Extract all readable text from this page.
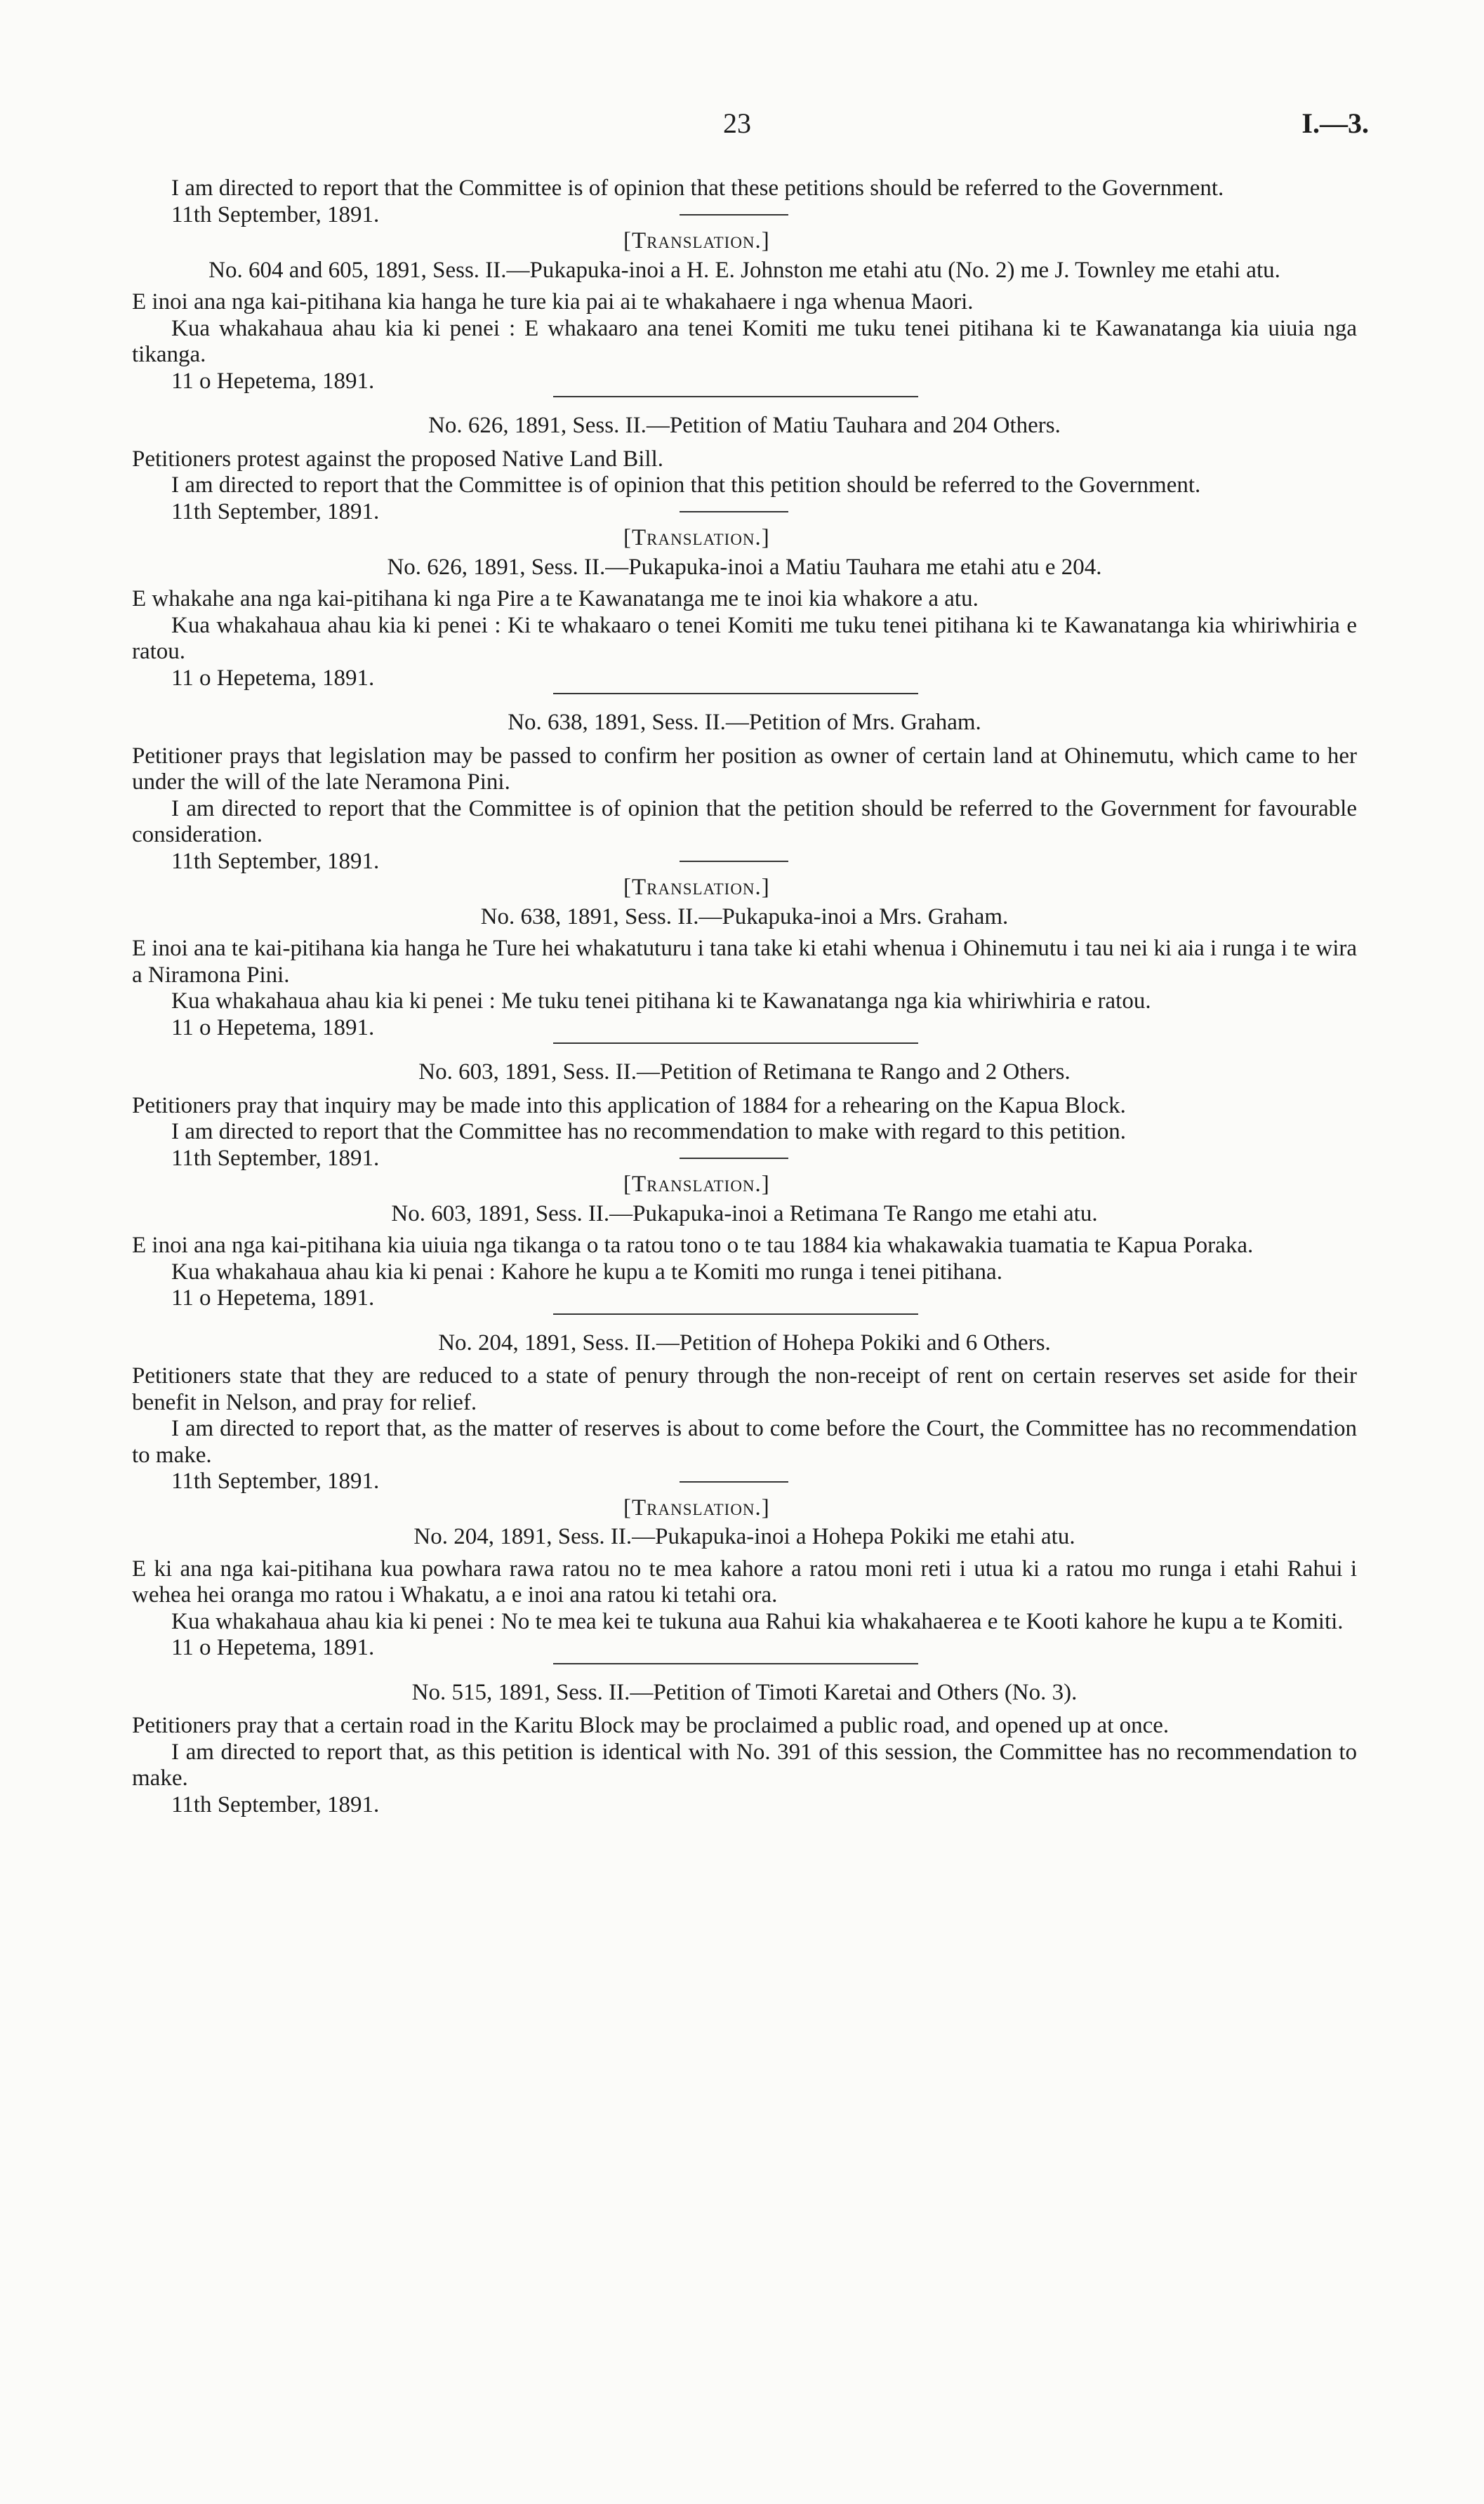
23	I.—3.

I am directed to report that the Committee is of opinion that these petitions should be referred to the Government.

11th September, 1891.

[Translation.]

No. 604 and 605, 1891, Sess. II.—Pukapuka-inoi a H. E. Johnston me etahi atu (No. 2) me J. Townley me etahi atu.

E inoi ana nga kai-pitihana kia hanga he ture kia pai ai te whakahaere i nga whenua Maori.

Kua whakahaua ahau kia ki penei : E whakaaro ana tenei Komiti me tuku tenei pitihana ki te Kawanatanga kia uiuia nga tikanga.

11 o Hepetema, 1891.

No. 626, 1891, Sess. II.—Petition of Matiu Tauhara and 204 Others.

Petitioners protest against the proposed Native Land Bill.

I am directed to report that the Committee is of opinion that this petition should be referred to the Government.

11th September, 1891.

[Translation.]

No. 626, 1891, Sess. II.—Pukapuka-inoi a Matiu Tauhara me etahi atu e 204.

E whakahe ana nga kai-pitihana ki nga Pire a te Kawanatanga me te inoi kia whakore a atu.

Kua whakahaua ahau kia ki penei : Ki te whakaaro o tenei Komiti me tuku tenei pitihana ki te Kawanatanga kia whiriwhiria e ratou.

11 o Hepetema, 1891.

No. 638, 1891, Sess. II.—Petition of Mrs. Graham.

Petitioner prays that legislation may be passed to confirm her position as owner of certain land at Ohinemutu, which came to her under the will of the late Neramona Pini.

I am directed to report that the Committee is of opinion that the petition should be referred to the Government for favourable consideration.

11th September, 1891.

[Translation.]

No. 638, 1891, Sess. II.—Pukapuka-inoi a Mrs. Graham.

E inoi ana te kai-pitihana kia hanga he Ture hei whakatuturu i tana take ki etahi whenua i Ohinemutu i tau nei ki aia i runga i te wira a Niramona Pini.

Kua whakahaua ahau kia ki penei : Me tuku tenei pitihana ki te Kawanatanga nga kia whiriwhiria e ratou.

11 o Hepetema, 1891.

No. 603, 1891, Sess. II.—Petition of Retimana te Rango and 2 Others.

Petitioners pray that inquiry may be made into this application of 1884 for a rehearing on the Kapua Block.

I am directed to report that the Committee has no recommendation to make with regard to this petition.

11th September, 1891.

[Translation.]

No. 603, 1891, Sess. II.—Pukapuka-inoi a Retimana Te Rango me etahi atu.

E inoi ana nga kai-pitihana kia uiuia nga tikanga o ta ratou tono o te tau 1884 kia whakawakia tuamatia te Kapua Poraka.

Kua whakahaua ahau kia ki penai : Kahore he kupu a te Komiti mo runga i tenei pitihana.

11 o Hepetema, 1891.

No. 204, 1891, Sess. II.—Petition of Hohepa Pokiki and 6 Others.

Petitioners state that they are reduced to a state of penury through the non-receipt of rent on certain reserves set aside for their benefit in Nelson, and pray for relief.

I am directed to report that, as the matter of reserves is about to come before the Court, the Committee has no recommendation to make.

11th September, 1891.

[Translation.]

No. 204, 1891, Sess. II.—Pukapuka-inoi a Hohepa Pokiki me etahi atu.

E ki ana nga kai-pitihana kua powhara rawa ratou no te mea kahore a ratou moni reti i utua ki a ratou mo runga i etahi Rahui i wehea hei oranga mo ratou i Whakatu, a e inoi ana ratou ki tetahi ora.

Kua whakahaua ahau kia ki penei : No te mea kei te tukuna aua Rahui kia whakahaerea e te Kooti kahore he kupu a te Komiti.

11 o Hepetema, 1891.

No. 515, 1891, Sess. II.—Petition of Timoti Karetai and Others (No. 3).

Petitioners pray that a certain road in the Karitu Block may be proclaimed a public road, and opened up at once.

I am directed to report that, as this petition is identical with No. 391 of this session, the Committee has no recommendation to make.

11th September, 1891.
